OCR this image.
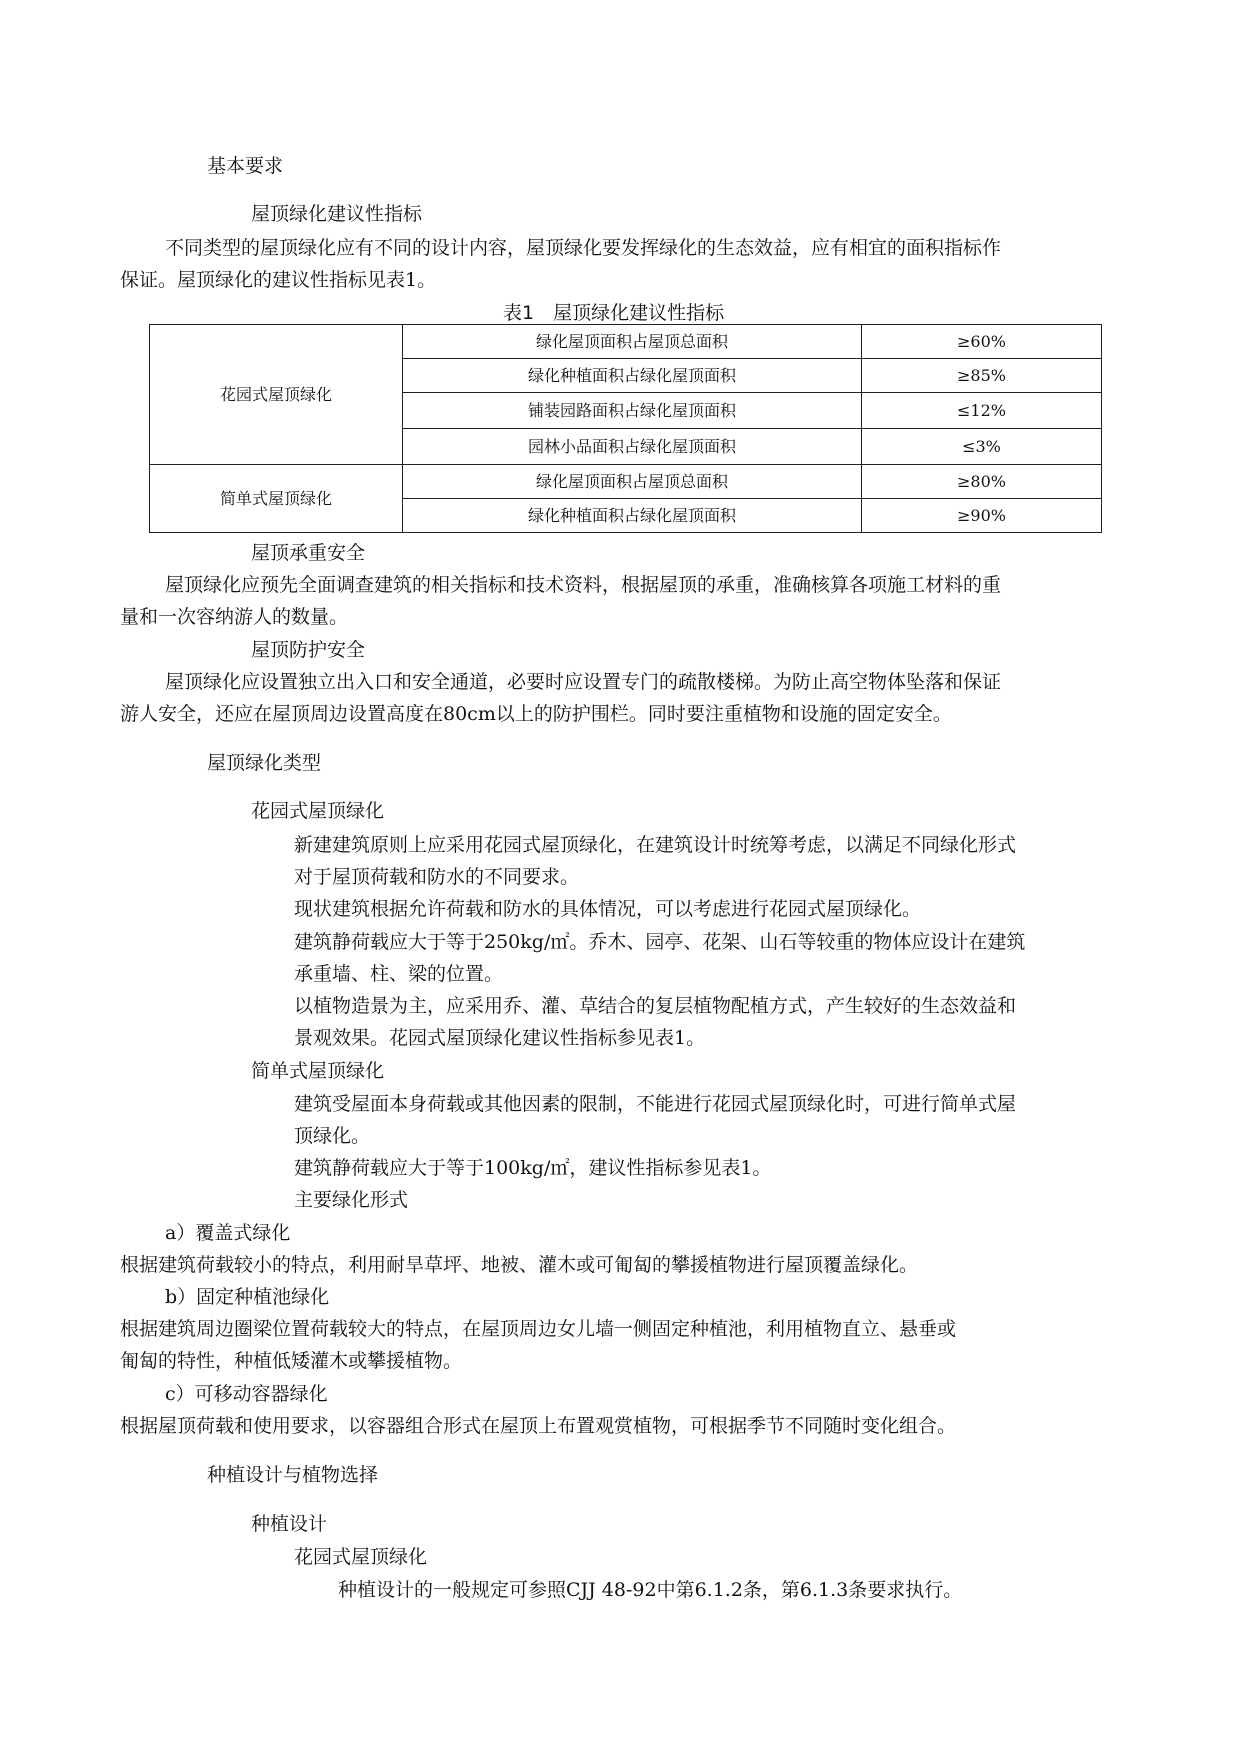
基本要求
屋顶绿化建议性指标
不同类型的屋顶绿化应有不同的设计内容，屋顶绿化要发挥绿化的生态效益，应有相宜的面积指标作
保证。屋顶绿化的建议性指标见表1。
表1　屋顶绿化建议性指标
花园式屋顶绿化	绿化屋顶面积占屋顶总面积	≥60%
	绿化种植面积占绿化屋顶面积	≥85%
	铺装园路面积占绿化屋顶面积	≤12%
	园林小品面积占绿化屋顶面积	≤3%
简单式屋顶绿化	绿化屋顶面积占屋顶总面积	≥80%
	绿化种植面积占绿化屋顶面积	≥90%
屋顶承重安全
屋顶绿化应预先全面调查建筑的相关指标和技术资料，根据屋顶的承重，准确核算各项施工材料的重
量和一次容纳游人的数量。
屋顶防护安全
屋顶绿化应设置独立出入口和安全通道，必要时应设置专门的疏散楼梯。为防止高空物体坠落和保证
游人安全，还应在屋顶周边设置高度在80cm以上的防护围栏。同时要注重植物和设施的固定安全。
屋顶绿化类型
花园式屋顶绿化
新建建筑原则上应采用花园式屋顶绿化，在建筑设计时统筹考虑，以满足不同绿化形式
对于屋顶荷载和防水的不同要求。
现状建筑根据允许荷载和防水的具体情况，可以考虑进行花园式屋顶绿化。
建筑静荷载应大于等于250kg/㎡。乔木、园亭、花架、山石等较重的物体应设计在建筑
承重墙、柱、梁的位置。
以植物造景为主，应采用乔、灌、草结合的复层植物配植方式，产生较好的生态效益和
景观效果。花园式屋顶绿化建议性指标参见表1。
简单式屋顶绿化
建筑受屋面本身荷载或其他因素的限制，不能进行花园式屋顶绿化时，可进行简单式屋
顶绿化。
建筑静荷载应大于等于100kg/㎡，建议性指标参见表1。
主要绿化形式
a）覆盖式绿化
根据建筑荷载较小的特点，利用耐旱草坪、地被、灌木或可匍匐的攀援植物进行屋顶覆盖绿化。
b）固定种植池绿化
根据建筑周边圈梁位置荷载较大的特点，在屋顶周边女儿墙一侧固定种植池，利用植物直立、悬垂或
匍匐的特性，种植低矮灌木或攀援植物。
c）可移动容器绿化
根据屋顶荷载和使用要求，以容器组合形式在屋顶上布置观赏植物，可根据季节不同随时变化组合。
种植设计与植物选择
种植设计
花园式屋顶绿化
种植设计的一般规定可参照CJJ 48-92中第6.1.2条，第6.1.3条要求执行。
